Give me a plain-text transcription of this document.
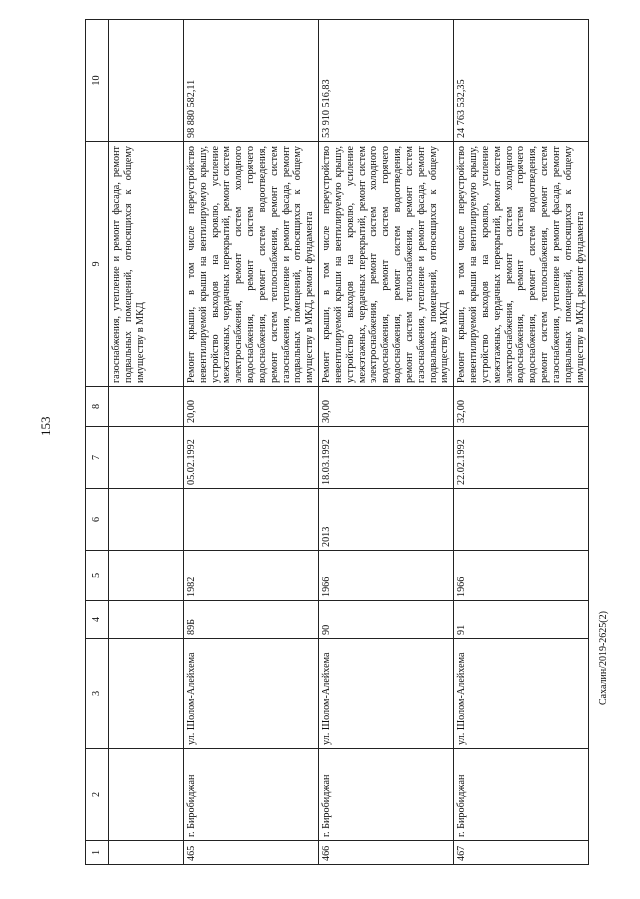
153
1	2	3	4	5	6	7	8	9	10
								газоснабжения, утепление и ремонт фасада, ремонт подвальных помещений, относящихся к общему имуществу в МКД	
465	г. Биробиджан	ул. Шолом-Алейхема	89Б	1982		05.02.1992	20,00	Ремонт крыши, в том числе переустройство невентилируемой крыши на вентилируемую крышу, устройство выходов на кровлю, усиление межэтажных, чердачных перекрытий, ремонт систем электроснабжения, ремонт систем холодного водоснабжения, ремонт систем горячего водоснабжения, ремонт систем водоотведения, ремонт систем теплоснабжения, ремонт систем газоснабжения, утепление и ремонт фасада, ремонт подвальных помещений, относящихся к общему имуществу в МКД, ремонт фундамента	98 880 582,11
466	г. Биробиджан	ул. Шолом-Алейхема	90	1966	2013	18.03.1992	30,00	Ремонт крыши, в том числе переустройство невентилируемой крыши на вентилируемую крышу, устройство выходов на кровлю, усиление межэтажных, чердачных перекрытий, ремонт систем электроснабжения, ремонт систем холодного водоснабжения, ремонт систем горячего водоснабжения, ремонт систем водоотведения, ремонт систем теплоснабжения, ремонт систем газоснабжения, утепление и ремонт фасада, ремонт подвальных помещений, относящихся к общему имуществу в МКД	53 910 516,83
467	г. Биробиджан	ул. Шолом-Алейхема	91	1966		22.02.1992	32,00	Ремонт крыши, в том числе переустройство невентилируемой крыши на вентилируемую крышу, устройство выходов на кровлю, усиление межэтажных, чердачных перекрытий, ремонт систем электроснабжения, ремонт систем холодного водоснабжения, ремонт систем горячего водоснабжения, ремонт систем водоотведения, ремонт систем теплоснабжения, ремонт систем газоснабжения, утепление и ремонт фасада, ремонт подвальных помещений, относящихся к общему имуществу в МКД, ремонт фундамента	24 763 532,35
Сахалин/2019-2625(2)
